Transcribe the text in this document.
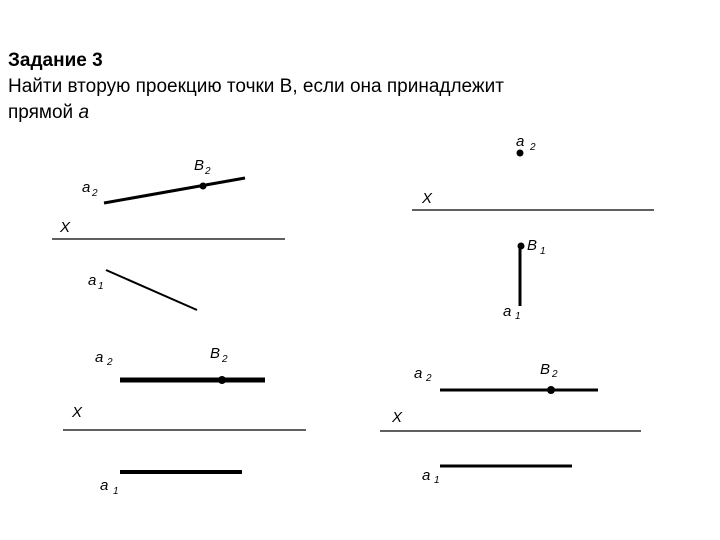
Задание 3
Найти вторую проекцию точки В, если она принадлежит
прямой а
B 2
a 2
X
a 1
a 2
X
B 1
a 1
B 2
a 2
X
a 1
B 2
a 2
X
a 1
